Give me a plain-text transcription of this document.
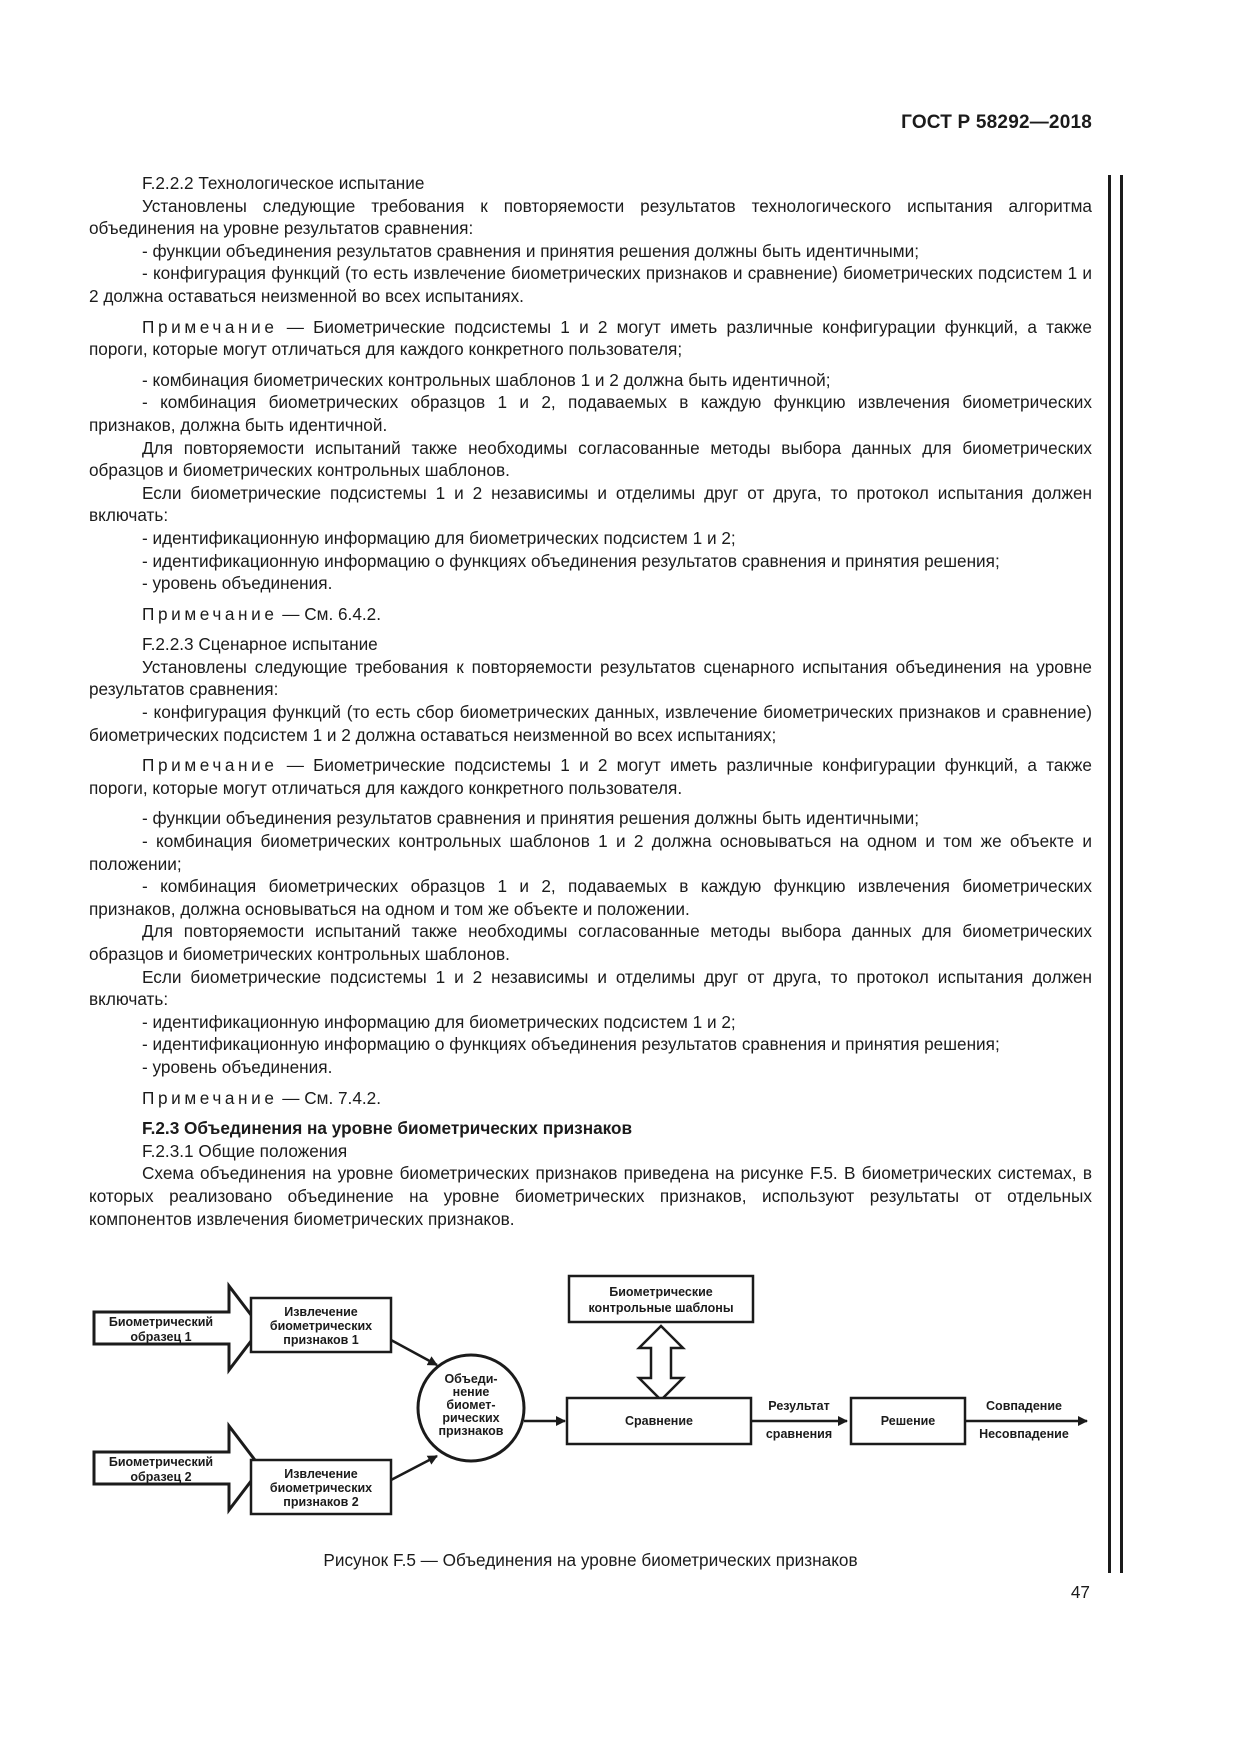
ГОСТ Р 58292—2018

F.2.2.2 Технологическое испытание

Установлены следующие требования к повторяемости результатов технологического испытания алгоритма объединения на уровне результатов сравнения:

- функции объединения результатов сравнения и принятия решения должны быть идентичными;

- конфигурация функций (то есть извлечение биометрических признаков и сравнение) биометрических подсистем 1 и 2 должна оставаться неизменной во всех испытаниях.

Примечание — Биометрические подсистемы 1 и 2 могут иметь различные конфигурации функций, а также пороги, которые могут отличаться для каждого конкретного пользователя;

- комбинация биометрических контрольных шаблонов 1 и 2 должна быть идентичной;

- комбинация биометрических образцов 1 и 2, подаваемых в каждую функцию извлечения биометрических признаков, должна быть идентичной.

Для повторяемости испытаний также необходимы согласованные методы выбора данных для биометрических образцов и биометрических контрольных шаблонов.

Если биометрические подсистемы 1 и 2 независимы и отделимы друг от друга, то протокол испытания должен включать:

- идентификационную информацию для биометрических подсистем 1 и 2;

- идентификационную информацию о функциях объединения результатов сравнения и принятия решения;

- уровень объединения.

Примечание — См. 6.4.2.

F.2.2.3 Сценарное испытание

Установлены следующие требования к повторяемости результатов сценарного испытания объединения на уровне результатов сравнения:

- конфигурация функций (то есть сбор биометрических данных, извлечение биометрических признаков и сравнение) биометрических подсистем 1 и 2 должна оставаться неизменной во всех испытаниях;

Примечание — Биометрические подсистемы 1 и 2 могут иметь различные конфигурации функций, а также пороги, которые могут отличаться для каждого конкретного пользователя.

- функции объединения результатов сравнения и принятия решения должны быть идентичными;

- комбинация биометрических контрольных шаблонов 1 и 2 должна основываться на одном и том же объекте и положении;

- комбинация биометрических образцов 1 и 2, подаваемых в каждую функцию извлечения биометрических признаков, должна основываться на одном и том же объекте и положении.

Для повторяемости испытаний также необходимы согласованные методы выбора данных для биометрических образцов и биометрических контрольных шаблонов.

Если биометрические подсистемы 1 и 2 независимы и отделимы друг от друга, то протокол испытания должен включать:

- идентификационную информацию для биометрических подсистем 1 и 2;

- идентификационную информацию о функциях объединения результатов сравнения и принятия решения;

- уровень объединения.

Примечание — См. 7.4.2.

F.2.3 Объединения на уровне биометрических признаков

F.2.3.1 Общие положения

Схема объединения на уровне биометрических признаков приведена на рисунке F.5. В биометрических системах, в которых реализовано объединение на уровне биометрических признаков, используют результаты от отдельных компонентов извлечения биометрических признаков.

Биометрический
образец 1
Биометрический
образец 2
Извлечение
биометрических
признаков 1
Извлечение
биометрических
признаков 2
Объеди-
нение
биомет-
рических
признаков
Биометрические
контрольные шаблоны
Сравнение
Результат
сравнения
Решение
Совпадение
Несовпадение
Рисунок F.5 — Объединения на уровне биометрических признаков
47
